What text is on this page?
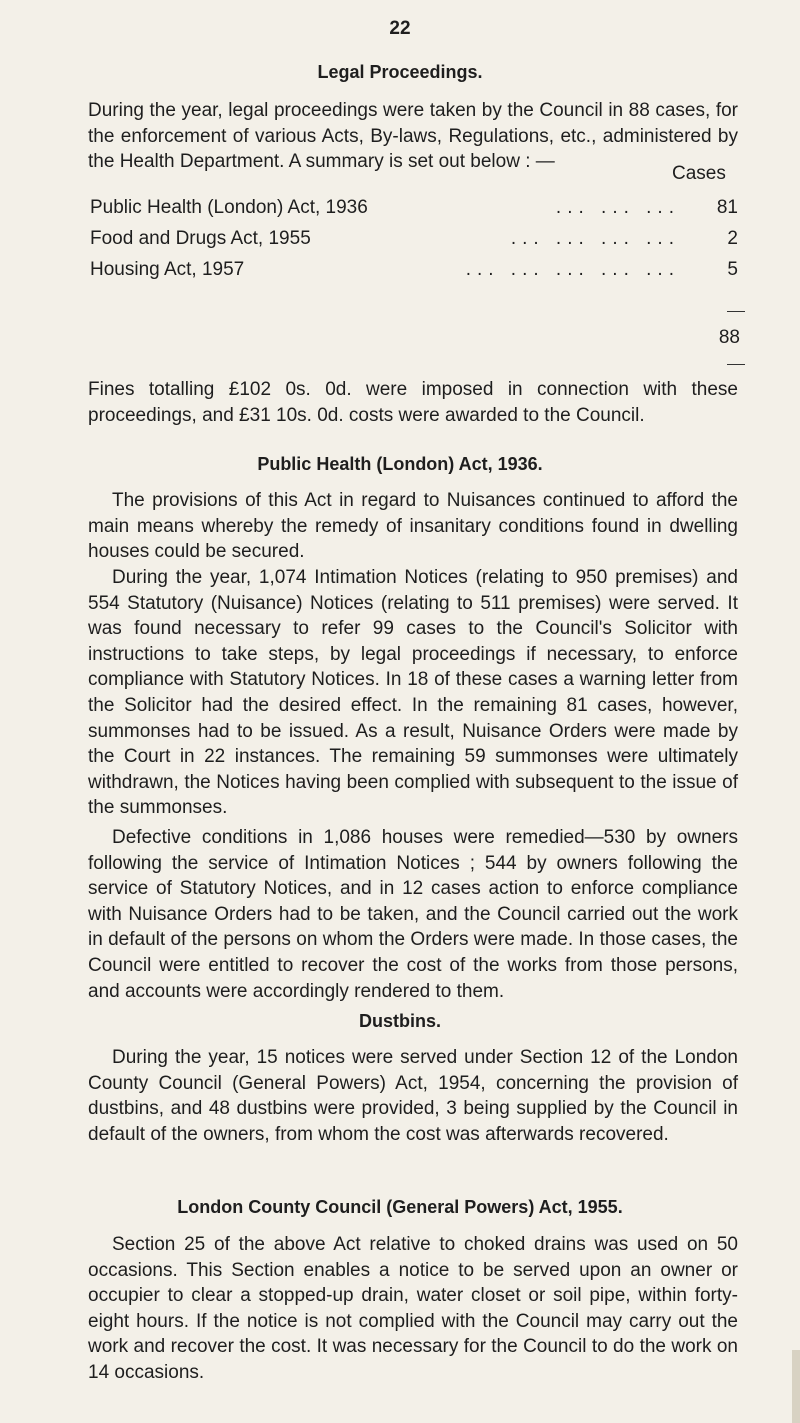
22
Legal Proceedings.
During the year, legal proceedings were taken by the Council in 88 cases, for the enforcement of various Acts, By-laws, Regulations, etc., administered by the Health Department. A summary is set out below : —
Cases
Public Health (London) Act, 1936	... ... ...	81
Food and Drugs Act, 1955	... ... ... ...	2
Housing Act, 1957	... ... ... ... ...	5
88
Fines totalling £102 0s. 0d. were imposed in connection with these proceedings, and £31 10s. 0d. costs were awarded to the Council.
Public Health (London) Act, 1936.
The provisions of this Act in regard to Nuisances continued to afford the main means whereby the remedy of insanitary conditions found in dwelling houses could be secured.
During the year, 1,074 Intimation Notices (relating to 950 premises) and 554 Statutory (Nuisance) Notices (relating to 511 premises) were served. It was found necessary to refer 99 cases to the Council's Solicitor with instructions to take steps, by legal proceedings if necessary, to enforce compliance with Statutory Notices. In 18 of these cases a warning letter from the Solicitor had the desired effect. In the remaining 81 cases, however, summonses had to be issued. As a result, Nuisance Orders were made by the Court in 22 instances. The remaining 59 summonses were ultimately withdrawn, the Notices having been complied with subsequent to the issue of the summonses.
Defective conditions in 1,086 houses were remedied—530 by owners following the service of Intimation Notices ; 544 by owners following the service of Statutory Notices, and in 12 cases action to enforce compliance with Nuisance Orders had to be taken, and the Council carried out the work in default of the persons on whom the Orders were made. In those cases, the Council were entitled to recover the cost of the works from those persons, and accounts were accordingly rendered to them.
Dustbins.
During the year, 15 notices were served under Section 12 of the London County Council (General Powers) Act, 1954, concerning the provision of dustbins, and 48 dustbins were provided, 3 being supplied by the Council in default of the owners, from whom the cost was afterwards recovered.
London County Council (General Powers) Act, 1955.
Section 25 of the above Act relative to choked drains was used on 50 occasions. This Section enables a notice to be served upon an owner or occupier to clear a stopped-up drain, water closet or soil pipe, within forty-eight hours. If the notice is not complied with the Council may carry out the work and recover the cost. It was necessary for the Council to do the work on 14 occasions.
